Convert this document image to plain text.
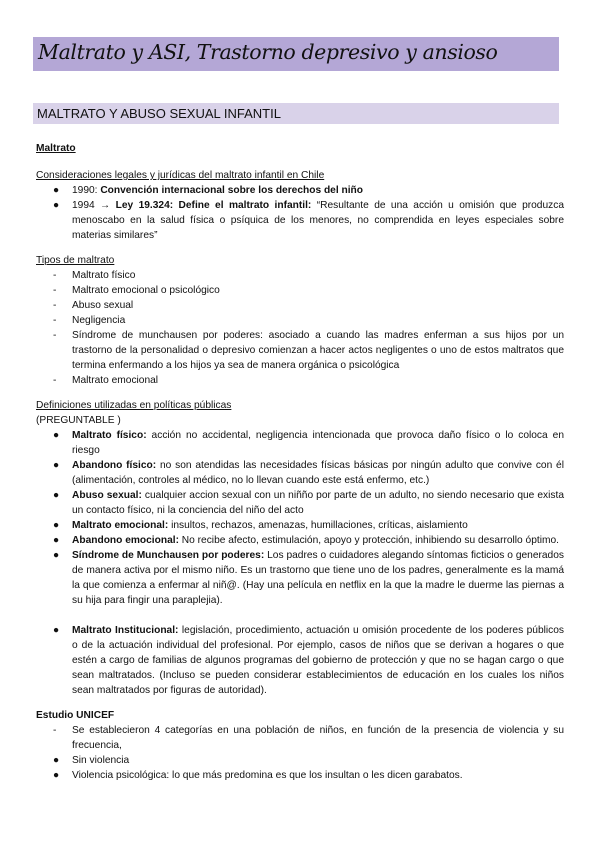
Maltrato y ASI, Trastorno depresivo y ansioso
MALTRATO Y ABUSO SEXUAL INFANTIL

Maltrato

Consideraciones legales y jurídicas del maltrato infantil en Chile

● 1990: Convención internacional sobre los derechos del niño
● 1994 → Ley 19.324: Define el maltrato infantil: “Resultante de una acción u omisión que produzca menoscabo en la salud física o psíquica de los menores, no comprendida en leyes especiales sobre materias similares”

Tipos de maltrato

- Maltrato físico
- Maltrato emocional o psicológico
- Abuso sexual
- Negligencia
- Síndrome de munchausen por poderes: asociado a cuando las madres enferman a sus hijos por un trastorno de la personalidad o depresivo comienzan a hacer actos negligentes o uno de estos maltratos que termina enfermando a los hijos ya sea de manera orgánica o psicológica
- Maltrato emocional

Definiciones utilizadas en políticas públicas

(PREGUNTABLE )

● Maltrato físico: acción no accidental, negligencia intencionada que provoca daño físico o lo coloca en riesgo
● Abandono físico: no son atendidas las necesidades físicas básicas por ningún adulto que convive con él (alimentación, controles al médico, no lo llevan cuando este está enfermo, etc.)
● Abuso sexual: cualquier accion sexual con un niñño por parte de un adulto, no siendo necesario que exista un contacto físico, ni la conciencia del niño del acto
● Maltrato emocional: insultos, rechazos, amenazas, humillaciones, críticas, aislamiento
● Abandono emocional: No recibe afecto, estimulación, apoyo y protección, inhibiendo su desarrollo óptimo.
● Síndrome de Munchausen por poderes: Los padres o cuidadores alegando síntomas ficticios o generados de manera activa por el mismo niño. Es un trastorno que tiene uno de los padres, generalmente es la mamá la que comienza a enfermar al niñ@. (Hay una película en netflix en la que la madre le duerme las piernas a su hija para fingir una paraplejia).
● Maltrato Institucional: legislación, procedimiento, actuación u omisión procedente de los poderes públicos o de la actuación individual del profesional. Por ejemplo, casos de niños que se derivan a hogares o que estén a cargo de familias de algunos programas del gobierno de protección y que no se hagan cargo o que sean maltratados. (Incluso se pueden considerar establecimientos de educación en los cuales los niños sean maltratados por figuras de autoridad).

Estudio UNICEF

- Se establecieron 4 categorías en una población de niños, en función de la presencia de violencia y su frecuencia,
● Sin violencia
● Violencia psicológica: lo que más predomina es que los insultan o les dicen garabatos.
